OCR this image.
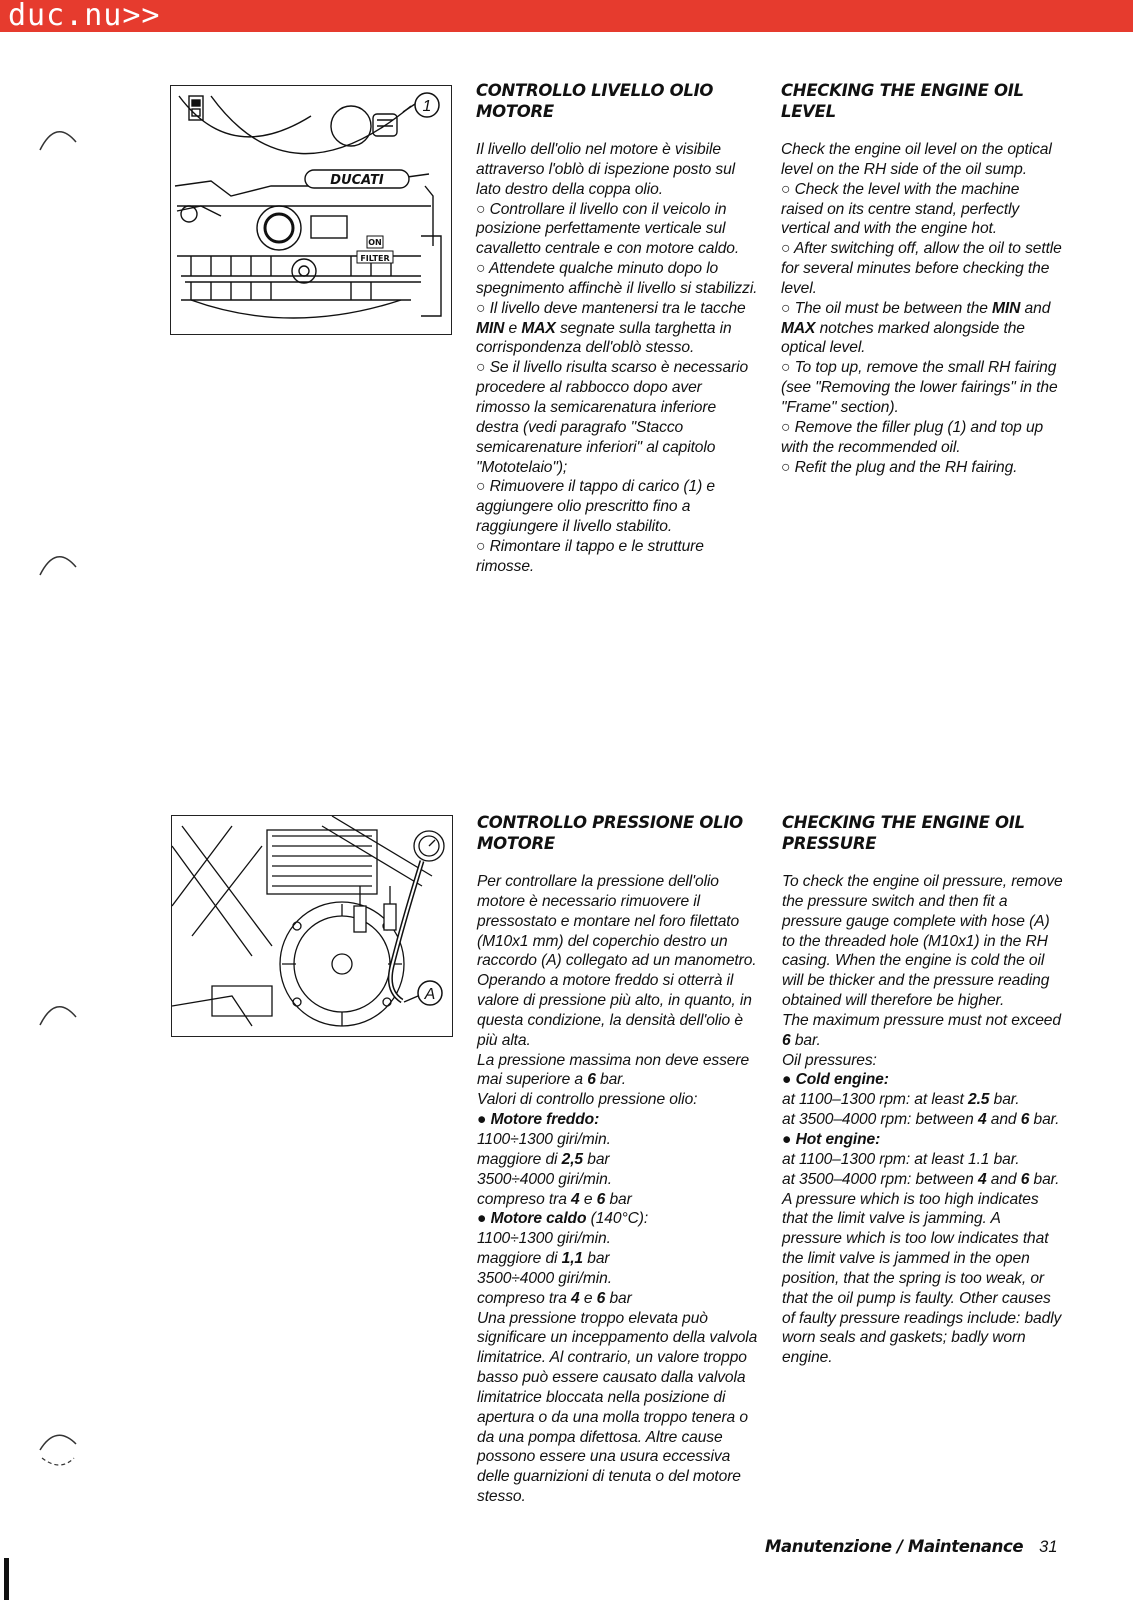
duc.nu>>
DUCATI
ON
FILTER
1
CONTROLLO LIVELLO OLIO
MOTORE
CHECKING THE ENGINE OIL
LEVEL

Il livello dell'olio nel motore è visibile attraverso l'oblò di ispezione posto sul lato destro della coppa olio.

○ Controllare il livello con il veicolo in posizione perfettamente verticale sul cavalletto centrale e con motore caldo.

○ Attendete qualche minuto dopo lo spegnimento affinchè il livello si stabilizzi.

○ Il livello deve mantenersi tra le tacche MIN e MAX segnate sulla targhetta in corrispondenza dell'oblò stesso.

○ Se il livello risulta scarso è necessario procedere al rabbocco dopo aver rimosso la semicarenatura inferiore destra (vedi paragrafo "Stacco semicarenature inferiori" al capitolo "Mototelaio");

○ Rimuovere il tappo di carico (1) e aggiungere olio prescritto fino a raggiungere il livello stabilito.

○ Rimontare il tappo e le strutture rimosse.

Check the engine oil level on the optical level on the RH side of the oil sump.

○ Check the level with the machine raised on its centre stand, perfectly vertical and with the engine hot.

○ After switching off, allow the oil to settle for several minutes before checking the level.

○ The oil must be between the MIN and MAX notches marked alongside the optical level.

○ To top up, remove the small RH fairing (see "Removing the lower fairings" in the "Frame" section).

○ Remove the filler plug (1) and top up with the recommended oil.

○ Refit the plug and the RH fairing.

A
CONTROLLO PRESSIONE OLIO
MOTORE
CHECKING THE ENGINE OIL
PRESSURE

Per controllare la pressione dell'olio motore è necessario rimuovere il pressostato e montare nel foro filettato (M10x1 mm) del coperchio destro un raccordo (A) collegato ad un manometro. Operando a motore freddo si otterrà il valore di pressione più alto, in quanto, in questa condizione, la densità dell'olio è più alta.

La pressione massima non deve essere mai superiore a 6 bar.

Valori di controllo pressione olio:

● Motore freddo:

1100÷1300 giri/min.

maggiore di 2,5 bar

3500÷4000 giri/min.

compreso tra 4 e 6 bar

● Motore caldo (140°C):

1100÷1300 giri/min.

maggiore di 1,1 bar

3500÷4000 giri/min.

compreso tra 4 e 6 bar

Una pressione troppo elevata può significare un inceppamento della valvola limitatrice. Al contrario, un valore troppo basso può essere causato dalla valvola limitatrice bloccata nella posizione di apertura o da una molla troppo tenera o da una pompa difettosa. Altre cause possono essere una usura eccessiva delle guarnizioni di tenuta o del motore stesso.

To check the engine oil pressure, remove the pressure switch and then fit a pressure gauge complete with hose (A) to the threaded hole (M10x1) in the RH casing. When the engine is cold the oil will be thicker and the pressure reading obtained will therefore be higher.

The maximum pressure must not exceed 6 bar.

Oil pressures:

● Cold engine:

at 1100–1300 rpm: at least 2.5 bar.

at 3500–4000 rpm: between 4 and 6 bar.

● Hot engine:

at 1100–1300 rpm: at least 1.1 bar.

at 3500–4000 rpm: between 4 and 6 bar.

A pressure which is too high indicates that the limit valve is jamming. A pressure which is too low indicates that the limit valve is jammed in the open position, that the spring is too weak, or that the oil pump is faulty. Other causes of faulty pressure readings include: badly worn seals and gaskets; badly worn engine.

Manutenzione / Maintenance 31
